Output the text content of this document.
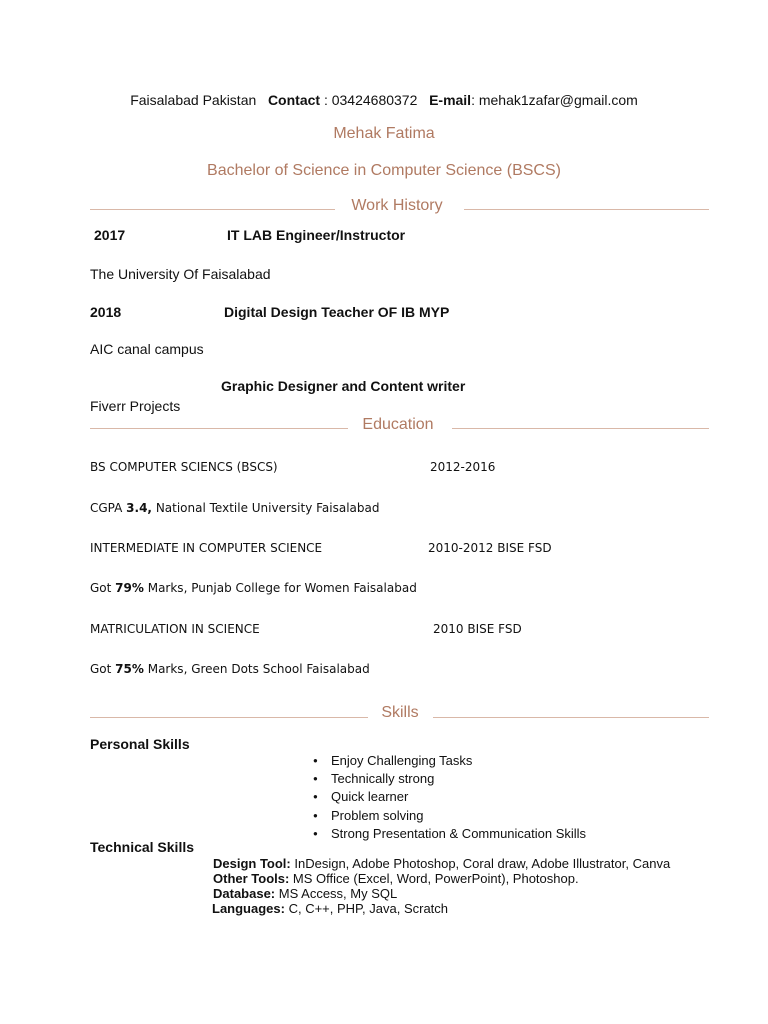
Faisalabad Pakistan Contact : 03424680372 E-mail: mehak1zafar@gmail.com
Mehak Fatima
Bachelor of Science in Computer Science (BSCS)
Work History
2017	IT LAB Engineer/Instructor
The University Of Faisalabad
2018	Digital Design Teacher OF IB MYP
AIC canal campus
Graphic Designer and Content writer
Fiverr Projects
Education
BS COMPUTER SCIENCS (BSCS)	2012-2016
CGPA 3.4, National Textile University Faisalabad
INTERMEDIATE IN COMPUTER SCIENCE	2010-2012 BISE FSD
Got 79% Marks, Punjab College for Women Faisalabad
MATRICULATION IN SCIENCE	2010 BISE FSD
Got 75% Marks, Green Dots School Faisalabad
Skills
Personal Skills
● Enjoy Challenging Tasks
● Technically strong
● Quick learner
● Problem solving
● Strong Presentation & Communication Skills
Technical Skills
Design Tool: InDesign, Adobe Photoshop, Coral draw, Adobe Illustrator, Canva
Other Tools: MS Office (Excel, Word, PowerPoint), Photoshop.
Database: MS Access, My SQL
Languages: C, C++, PHP, Java, Scratch
